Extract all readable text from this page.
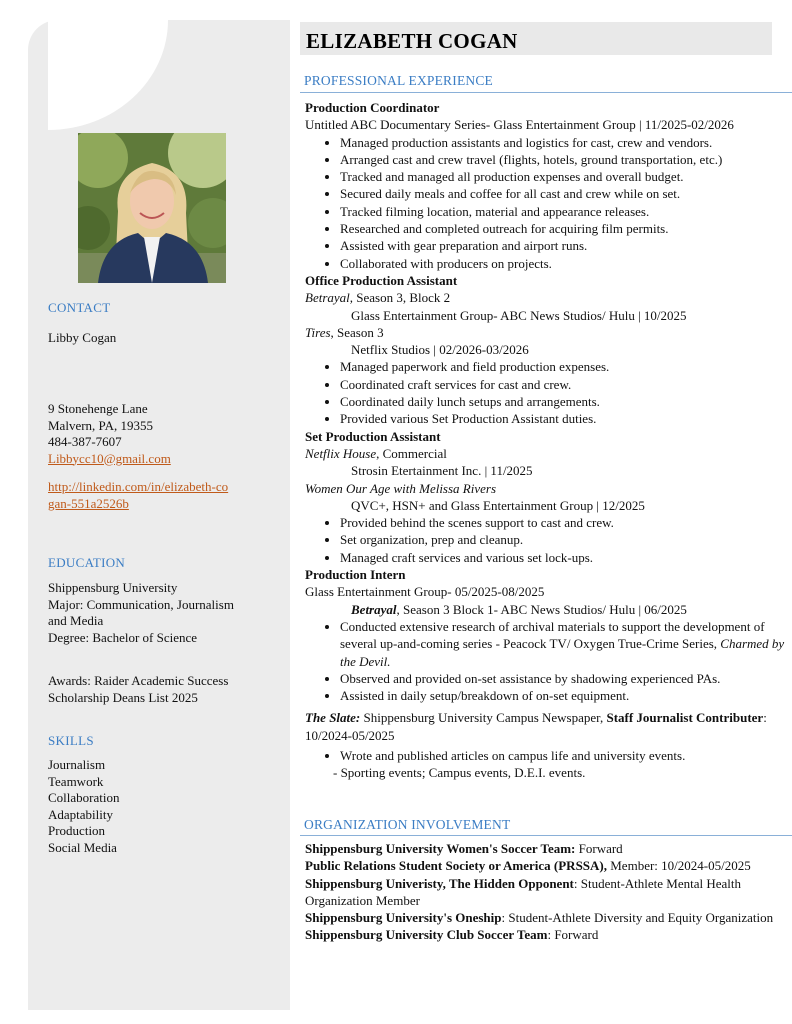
ELIZABETH COGAN
CONTACT
Libby Cogan
9 Stonehenge Lane
Malvern, PA, 19355
484-387-7607
Libbycc10@gmail.com
http://linkedin.com/in/elizabeth-co
gan-551a2526b
EDUCATION
Shippensburg University
Major: Communication, Journalism
and Media
Degree: Bachelor of Science
Awards: Raider Academic Success
Scholarship Deans List 2025
SKILLS
Journalism
Teamwork
Collaboration
Adaptability
Production
Social Media
PROFESSIONAL EXPERIENCE

Production Coordinator

Untitled ABC Documentary Series- Glass Entertainment Group | 11/2025-02/2026

• Managed production assistants and logistics for cast, crew and vendors.
• Arranged cast and crew travel (flights, hotels, ground transportation, etc.)
• Tracked and managed all production expenses and overall budget.
• Secured daily meals and coffee for all cast and crew while on set.
• Tracked filming location, material and appearance releases.
• Researched and completed outreach for acquiring film permits.
• Assisted with gear preparation and airport runs.
• Collaborated with producers on projects.

Office Production Assistant

Betrayal, Season 3, Block 2

Glass Entertainment Group- ABC News Studios/ Hulu | 10/2025

Tires, Season 3

Netflix Studios | 02/2026-03/2026

• Managed paperwork and field production expenses.
• Coordinated craft services for cast and crew.
• Coordinated daily lunch setups and arrangements.
• Provided various Set Production Assistant duties.

Set Production Assistant

Netflix House, Commercial

Strosin Etertainment Inc. | 11/2025

Women Our Age with Melissa Rivers

QVC+, HSN+ and Glass Entertainment Group | 12/2025

• Provided behind the scenes support to cast and crew.
• Set organization, prep and cleanup.
• Managed craft services and various set lock-ups.

Production Intern

Glass Entertainment Group- 05/2025-08/2025

Betrayal, Season 3 Block 1- ABC News Studios/ Hulu | 06/2025

• Conducted extensive research of archival materials to support the development of several up-and-coming series - Peacock TV/ Oxygen True-Crime Series, Charmed by the Devil.
• Observed and provided on-set assistance by shadowing experienced PAs.
• Assisted in daily setup/breakdown of on-set equipment.

The Slate: Shippensburg University Campus Newspaper, Staff Journalist Contributer: 10/2024-05/2025

• Wrote and published articles on campus life and university events.

- Sporting events; Campus events, D.E.I. events.

ORGANIZATION INVOLVEMENT

Shippensburg University Women's Soccer Team: Forward

Public Relations Student Society or America (PRSSA), Member: 10/2024-05/2025

Shippensburg Univeristy, The Hidden Opponent: Student-Athlete Mental Health Organization Member

Shippensburg University's Oneship: Student-Athlete Diversity and Equity Organization

Shippensburg University Club Soccer Team: Forward
